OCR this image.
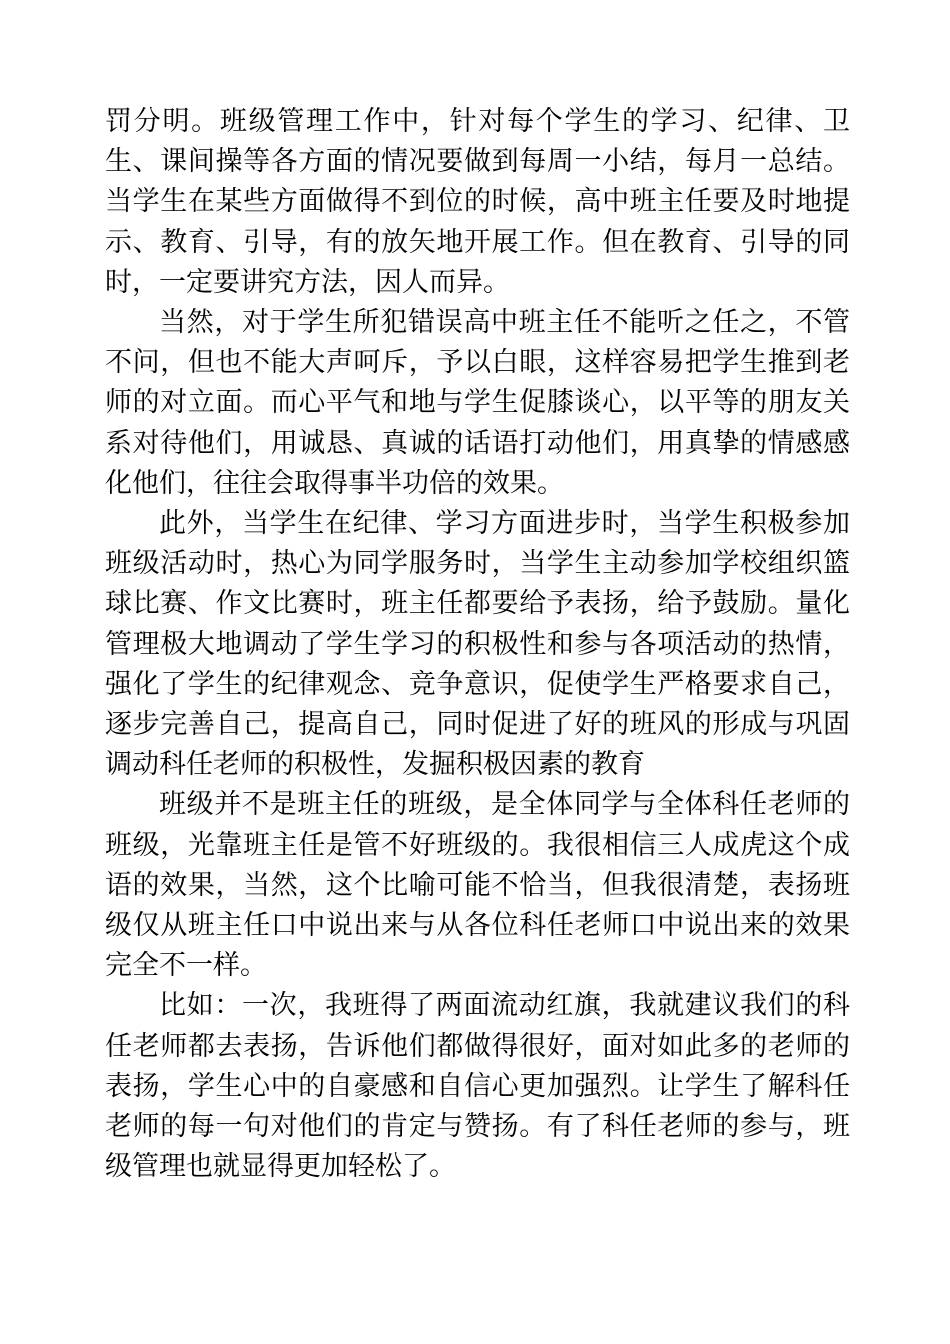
罚分明。班级管理工作中，针对每个学生的学习、纪律、卫生、课间操等各方面的情况要做到每周一小结，每月一总结。当学生在某些方面做得不到位的时候，高中班主任要及时地提示、教育、引导，有的放矢地开展工作。但在教育、引导的同时，一定要讲究方法，因人而异。

当然，对于学生所犯错误高中班主任不能听之任之，不管不问，但也不能大声呵斥，予以白眼，这样容易把学生推到老师的对立面。而心平气和地与学生促膝谈心，以平等的朋友关系对待他们，用诚恳、真诚的话语打动他们，用真挚的情感感化他们，往往会取得事半功倍的效果。

此外，当学生在纪律、学习方面进步时，当学生积极参加班级活动时，热心为同学服务时，当学生主动参加学校组织篮球比赛、作文比赛时，班主任都要给予表扬，给予鼓励。量化管理极大地调动了学生学习的积极性和参与各项活动的热情，强化了学生的纪律观念、竞争意识，促使学生严格要求自己，逐步完善自己，提高自己，同时促进了好的班风的形成与巩固调动科任老师的积极性，发掘积极因素的教育

班级并不是班主任的班级，是全体同学与全体科任老师的班级，光靠班主任是管不好班级的。我很相信三人成虎这个成语的效果，当然，这个比喻可能不恰当，但我很清楚，表扬班级仅从班主任口中说出来与从各位科任老师口中说出来的效果完全不一样。

比如：一次，我班得了两面流动红旗，我就建议我们的科任老师都去表扬，告诉他们都做得很好，面对如此多的老师的表扬，学生心中的自豪感和自信心更加强烈。让学生了解科任老师的每一句对他们的肯定与赞扬。有了科任老师的参与，班级管理也就显得更加轻松了。
